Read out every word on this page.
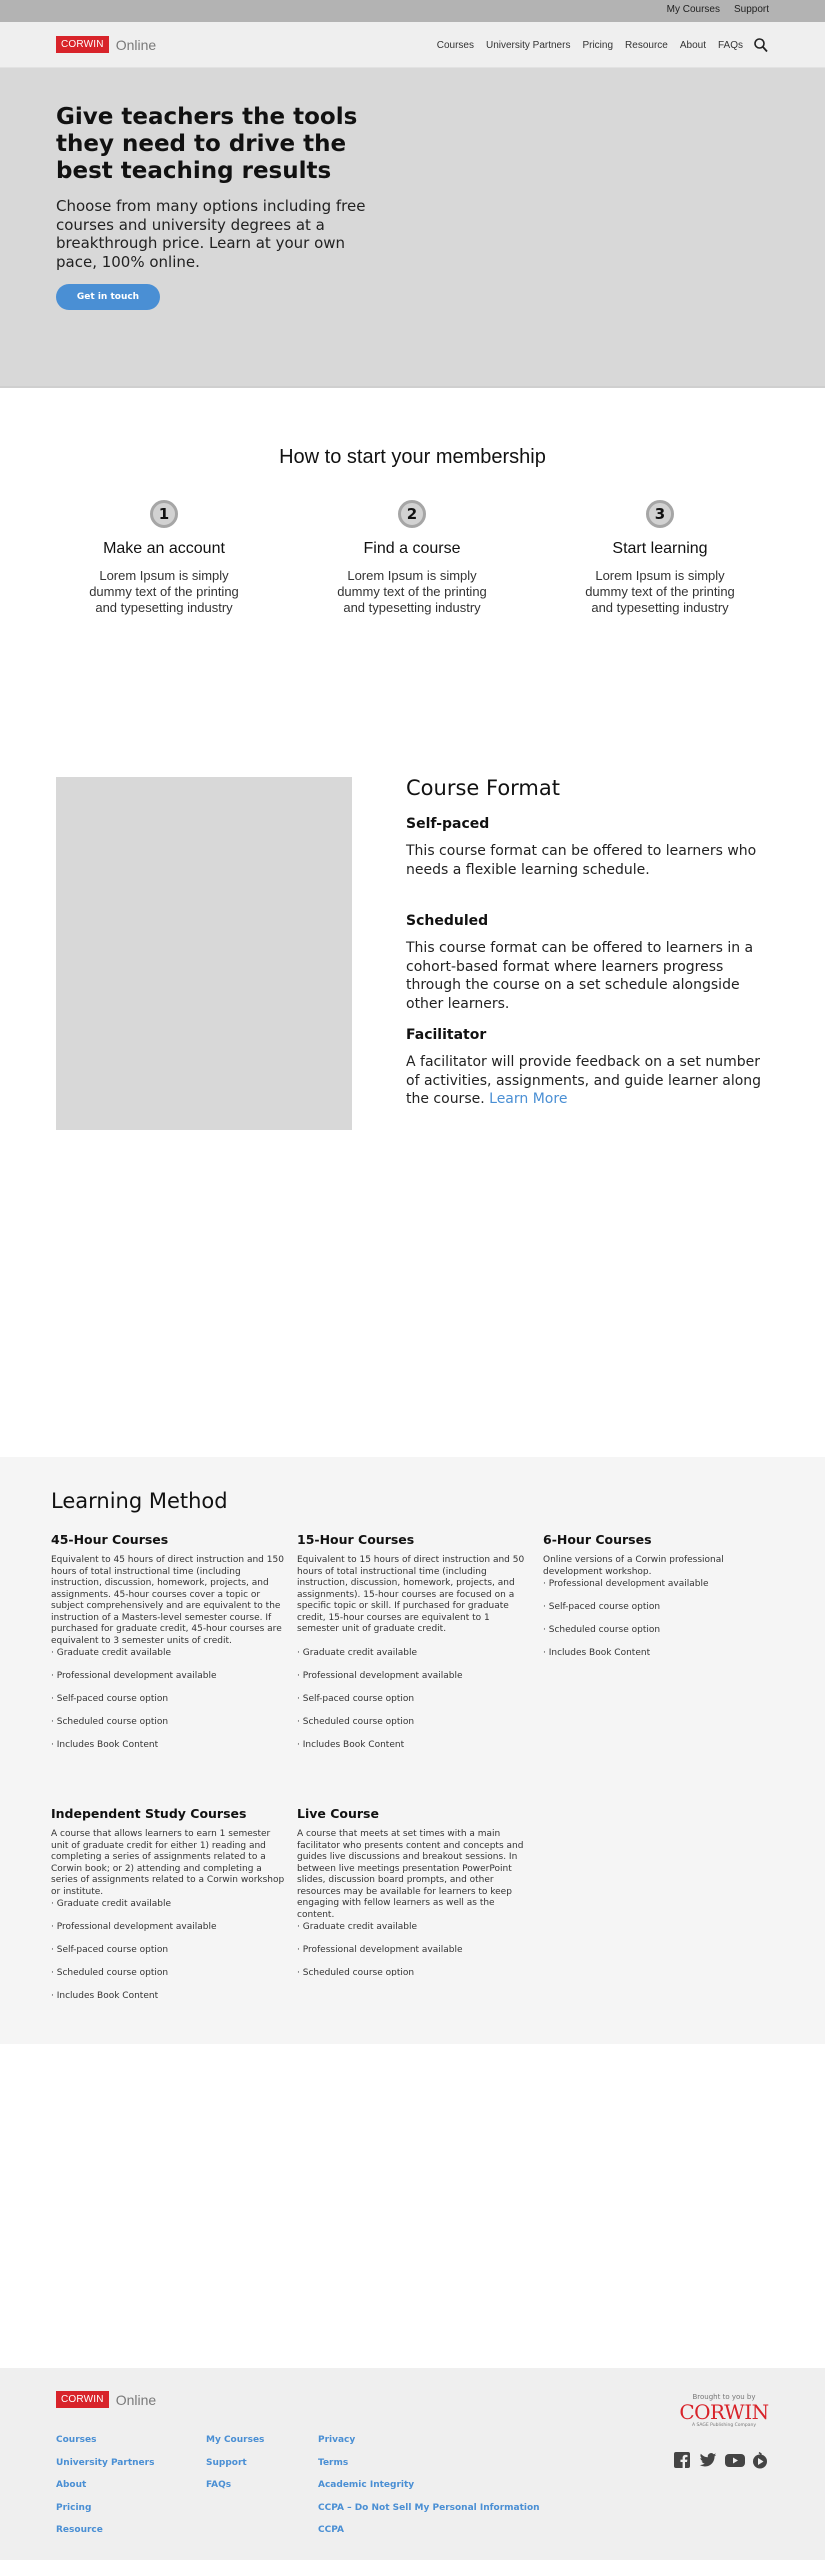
My Courses Support
CORWIN Online	Courses University Partners Pricing Resource About FAQs
Give teachers the tools they need to drive the best teaching results

Choose from many options including free courses and university degrees at a breakthrough price. Learn at your own pace, 100% online.

Get in touch
How to start your membership
1
Make an account

Lorem Ipsum is simply dummy text of the printing and typesetting industry

2
Find a course

Lorem Ipsum is simply dummy text of the printing and typesetting industry

3
Start learning

Lorem Ipsum is simply dummy text of the printing and typesetting industry

Course Format
Self-paced

This course format can be offered to learners who needs a flexible learning schedule.

Scheduled

This course format can be offered to learners in a cohort-based format where learners progress through the course on a set schedule alongside other learners.

Facilitator

A facilitator will provide feedback on a set number of activities, assignments, and guide learner along the course. Learn More

Learning Method
45-Hour Courses

Equivalent to 45 hours of direct instruction and 150 hours of total instructional time (including instruction, discussion, homework, projects, and assignments. 45-hour courses cover a topic or subject comprehensively and are equivalent to the instruction of a Masters-level semester course. If purchased for graduate credit, 45-hour courses are equivalent to 3 semester units of credit.

· Graduate credit available
· Professional development available
· Self-paced course option
· Scheduled course option
· Includes Book Content
15-Hour Courses

Equivalent to 15 hours of direct instruction and 50 hours of total instructional time (including instruction, discussion, homework, projects, and assignments). 15-hour courses are focused on a specific topic or skill. If purchased for graduate credit, 15-hour courses are equivalent to 1 semester unit of graduate credit.

· Graduate credit available
· Professional development available
· Self-paced course option
· Scheduled course option
· Includes Book Content
6-Hour Courses

Online versions of a Corwin professional development workshop.

· Professional development available
· Self-paced course option
· Scheduled course option
· Includes Book Content
Independent Study Courses

A course that allows learners to earn 1 semester unit of graduate credit for either 1) reading and completing a series of assignments related to a Corwin book; or 2) attending and completing a series of assignments related to a Corwin workshop or institute.

· Graduate credit available
· Professional development available
· Self-paced course option
· Scheduled course option
· Includes Book Content
Live Course

A course that meets at set times with a main facilitator who presents content and concepts and guides live discussions and breakout sessions. In between live meetings presentation PowerPoint slides, discussion board prompts, and other resources may be available for learners to keep engaging with fellow learners as well as the content.

· Graduate credit available
· Professional development available
· Scheduled course option
CORWIN Online
Courses
University Partners
About
Pricing
Resource
My Courses
Support
FAQs
Privacy
Terms
Academic Integrity
CCPA – Do Not Sell My Personal Information
CCPA
Brought to you by
CORWIN
A SAGE Publishing Company
